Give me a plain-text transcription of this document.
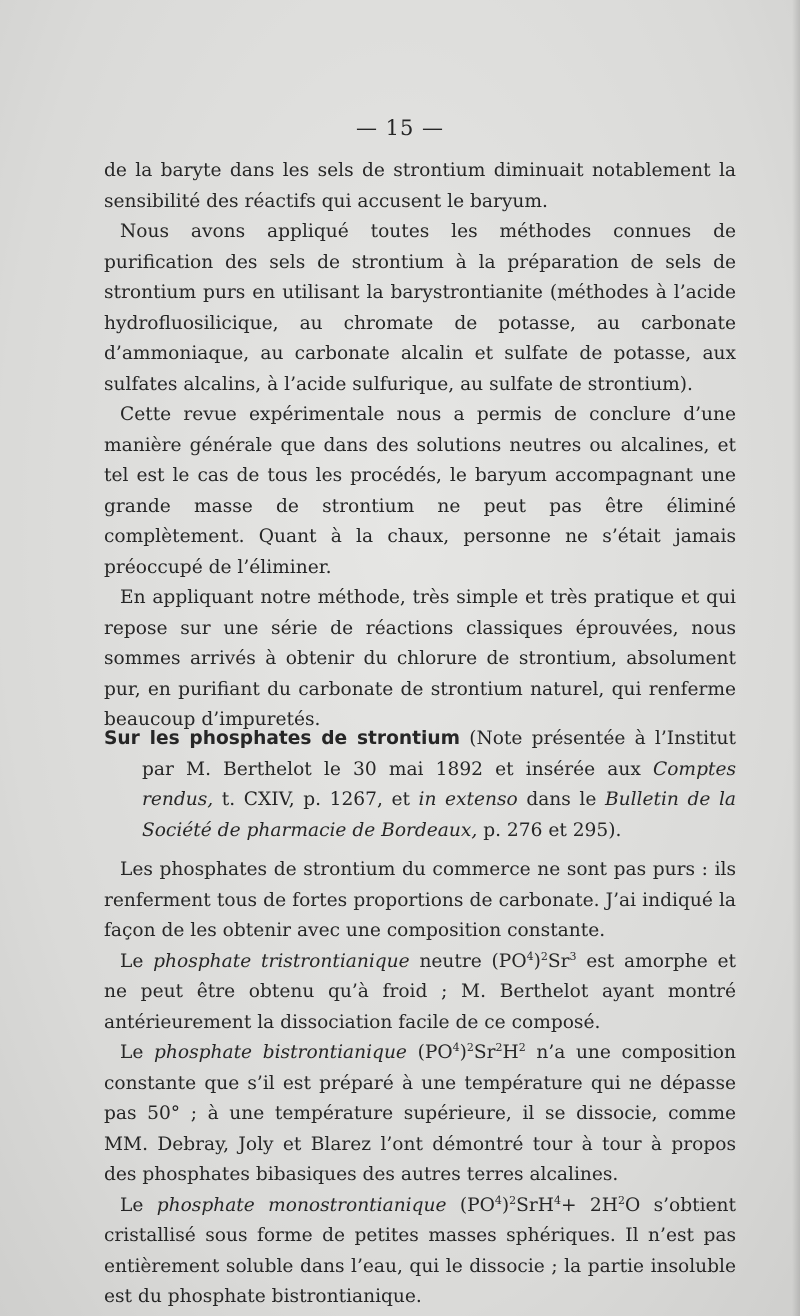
— 15 —

de la baryte dans les sels de strontium diminuait notablement la sensibilité des réactifs qui accusent le baryum.

Nous avons appliqué toutes les méthodes connues de purification des sels de strontium à la préparation de sels de strontium purs en utilisant la barystrontianite (méthodes à l’acide hydrofluosilicique, au chromate de potasse, au carbonate d’ammoniaque, au carbonate alcalin et sulfate de potasse, aux sulfates alcalins, à l’acide sulfurique, au sulfate de strontium).

Cette revue expérimentale nous a permis de conclure d’une manière générale que dans des solutions neutres ou alcalines, et tel est le cas de tous les procédés, le baryum accompagnant une grande masse de strontium ne peut pas être éliminé complètement. Quant à la chaux, personne ne s’était jamais préoccupé de l’éliminer.

En appliquant notre méthode, très simple et très pratique et qui repose sur une série de réactions classiques éprouvées, nous sommes arrivés à obtenir du chlorure de strontium, absolument pur, en purifiant du carbonate de strontium naturel, qui renferme beaucoup d’impuretés.

Sur les phosphates de strontium (Note présentée à l’Institut par M. Berthelot le 30 mai 1892 et insérée aux Comptes rendus, t. CXIV, p. 1267, et in extenso dans le Bulletin de la Société de pharmacie de Bordeaux, p. 276 et 295).

Les phosphates de strontium du commerce ne sont pas purs : ils renferment tous de fortes proportions de carbonate. J’ai indiqué la façon de les obtenir avec une composition constante.

Le phosphate tristrontianique neutre $(PO^4)^2Sr^3$ est amorphe et ne peut être obtenu qu’à froid ; M. Berthelot ayant montré antérieurement la dissociation facile de ce composé.

Le phosphate bistrontianique $(PO^4)^2Sr^2H^2$ n’a une composition constante que s’il est préparé à une température qui ne dépasse pas 50° ; à une température supérieure, il se dissocie, comme MM. Debray, Joly et Blarez l’ont démontré tour à tour à propos des phosphates bibasiques des autres terres alcalines.

Le phosphate monostrontianique $(PO^4)^2SrH^4+ 2H^2O$ s’obtient cristallisé sous forme de petites masses sphériques. Il n’est pas entièrement soluble dans l’eau, qui le dissocie ; la partie insoluble est du phosphate bistrontianique.
